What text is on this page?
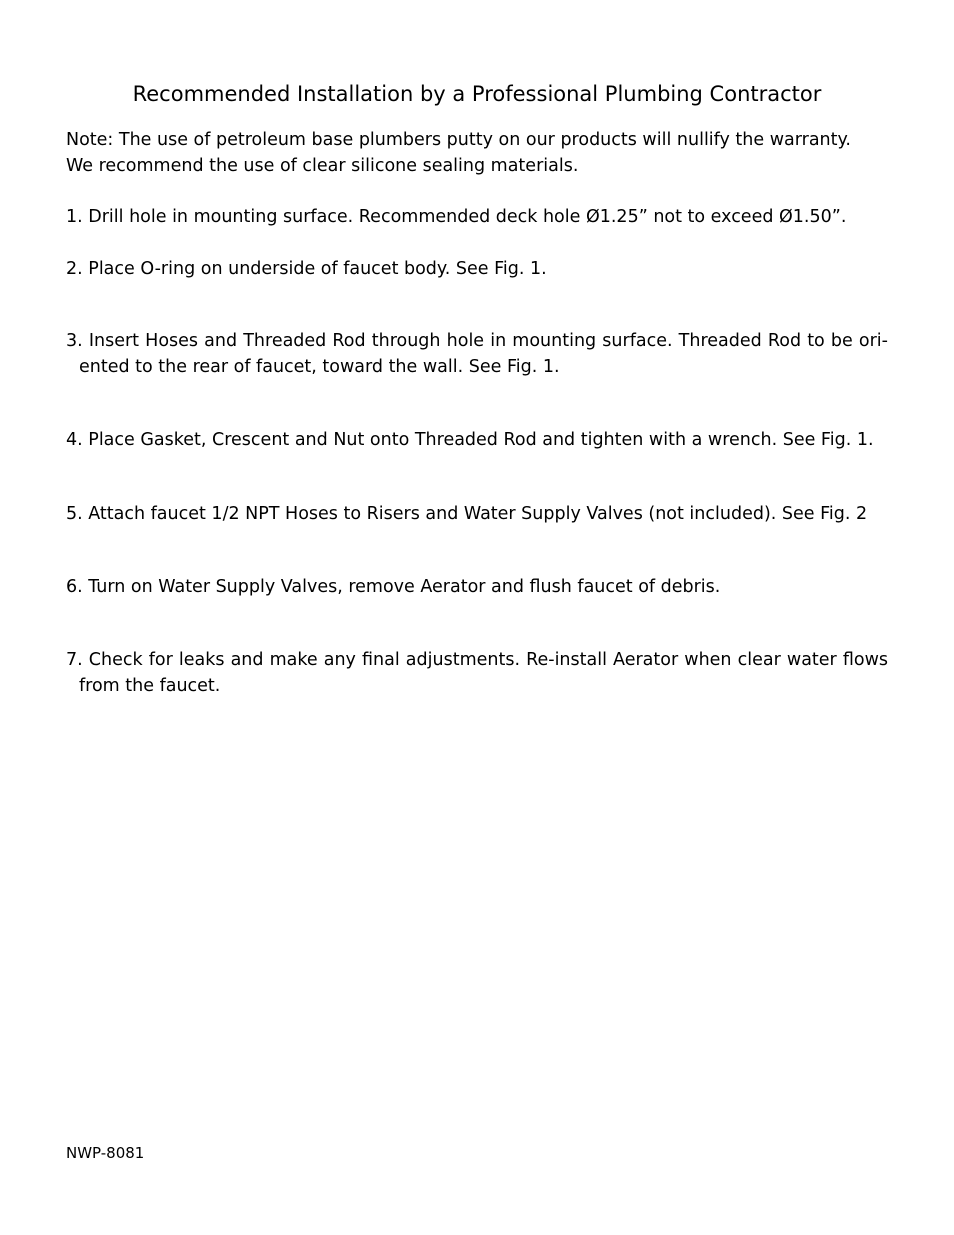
Recommended Installation by a Professional Plumbing Contractor
Note: The use of petroleum base plumbers putty on our products will nullify the warranty.
We recommend the use of clear silicone sealing materials.
1. Drill hole in mounting surface. Recommended deck hole Ø1.25” not to exceed Ø1.50”.
2. Place O-ring on underside of faucet body. See Fig. 1.
3. Insert Hoses and Threaded Rod through hole in mounting surface. Threaded Rod to be ori-
ented to the rear of faucet, toward the wall. See Fig. 1.
4. Place Gasket, Crescent and Nut onto Threaded Rod and tighten with a wrench. See Fig. 1.
5. Attach faucet 1/2 NPT Hoses to Risers and Water Supply Valves (not included). See Fig. 2
6. Turn on Water Supply Valves, remove Aerator and flush faucet of debris.
7. Check for leaks and make any final adjustments. Re-install Aerator when clear water flows
from the faucet.
NWP-8081
